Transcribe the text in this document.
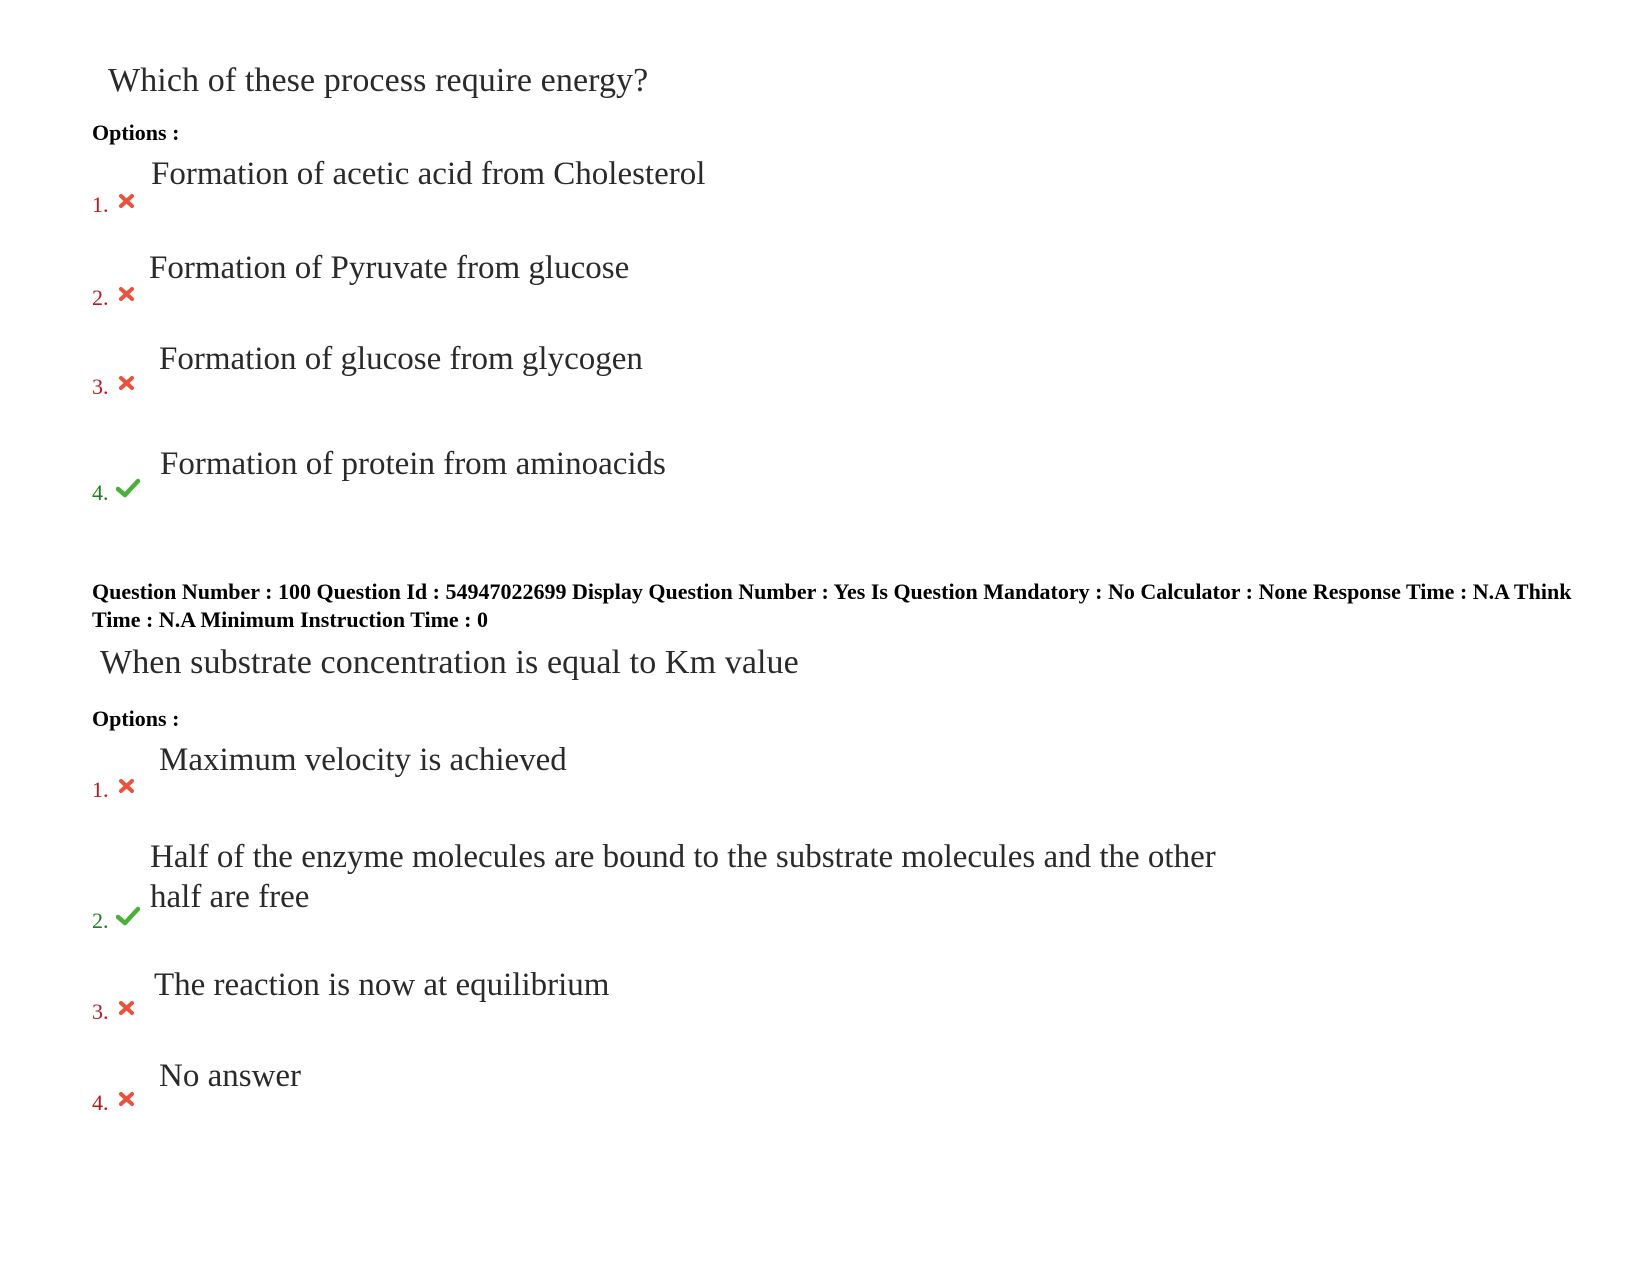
Which of these process require energy?
Options :
Formation of acetic acid from Cholesterol
1.
Formation of Pyruvate from glucose
2.
Formation of glucose from glycogen
3.
Formation of protein from aminoacids
4.
Question Number : 100 Question Id : 54947022699 Display Question Number : Yes Is Question Mandatory : No Calculator : None Response Time : N.A Think Time : N.A Minimum Instruction Time : 0
When substrate concentration is equal to Km value
Options :
Maximum velocity is achieved
1.
Half of the enzyme molecules are bound to the substrate molecules and the other half are free
2.
The reaction is now at equilibrium
3.
No answer
4.
